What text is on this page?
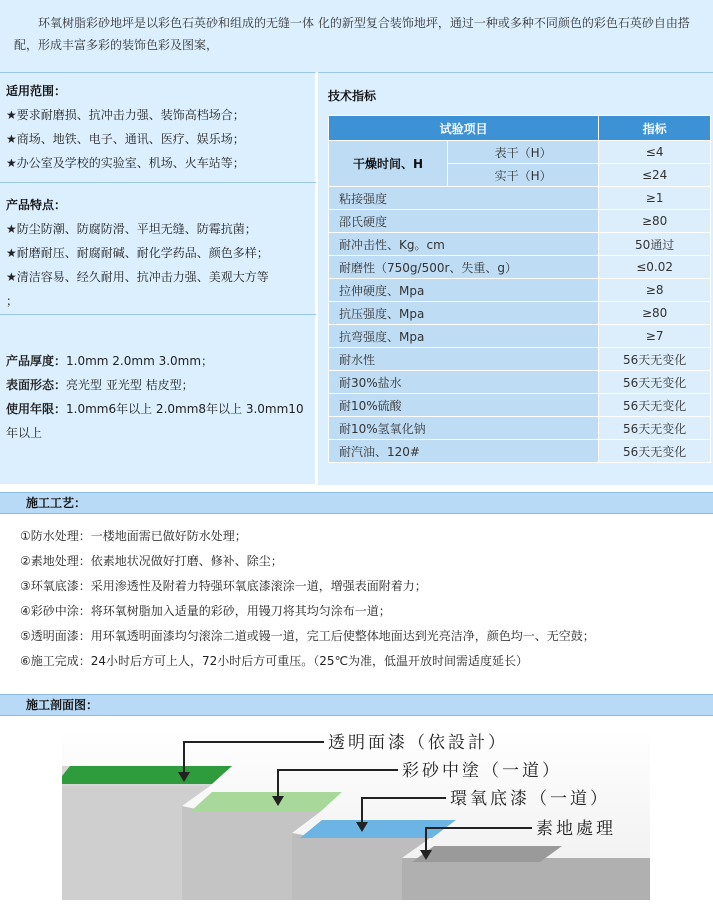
环氧树脂彩砂地坪是以彩色石英砂和组成的无缝一体 化的新型复合装饰地坪，通过一种或多种不同颜色的彩色石英砂自由搭配，形成丰富多彩的装饰色彩及图案，
适用范围：
★要求耐磨损、抗冲击力强、装饰高档场合；
★商场、地铁、电子、通讯、医疗、娱乐场；
★办公室及学校的实验室、机场、火车站等；
产品特点：
★防尘防潮、防腐防滑、平坦无缝、防霉抗菌；
★耐磨耐压、耐腐耐碱、耐化学药品、颜色多样；
★清洁容易、经久耐用、抗冲击力强、美观大方等
；
产品厚度：1.0mm 2.0mm 3.0mm；
表面形态：亮光型 亚光型 桔皮型；
使用年限：1.0mm6年以上 2.0mm8年以上 3.0mm10
年以上
技术指标
试验项目		指标
干燥时间、H	表干（H）	≤4
	实干（H）	≤24
粘接强度		≥1
邵氏硬度		≥80
耐冲击性、Kg。cm		50通过
耐磨性（750g/500r、失重、g）		≤0.02
拉伸硬度、Mpa		≥8
抗压强度、Mpa		≥80
抗弯强度、Mpa		≥7
耐水性		56天无变化
耐30%盐水		56天无变化
耐10%硫酸		56天无变化
耐10%氢氧化钠		56天无变化
耐汽油、120#		56天无变化
施工工艺：
①防水处理：一楼地面需已做好防水处理；
②素地处理：依素地状况做好打磨、修补、除尘；
③环氧底漆：采用渗透性及附着力特强环氧底漆滚涂一道，增强表面附着力；
④彩砂中涂：将环氧树脂加入适量的彩砂，用镘刀将其均匀涂布一道；
⑤透明面漆：用环氧透明面漆均匀滚涂二道或镘一道，完工后使整体地面达到光亮洁净，颜色均一、无空鼓；
⑥施工完成：24小时后方可上人，72小时后方可重压。（25℃为准，低温开放时间需适度延长）
施工剖面图：
透明面漆（依設計）
彩砂中塗（一道）
環氧底漆（一道）
素地處理
